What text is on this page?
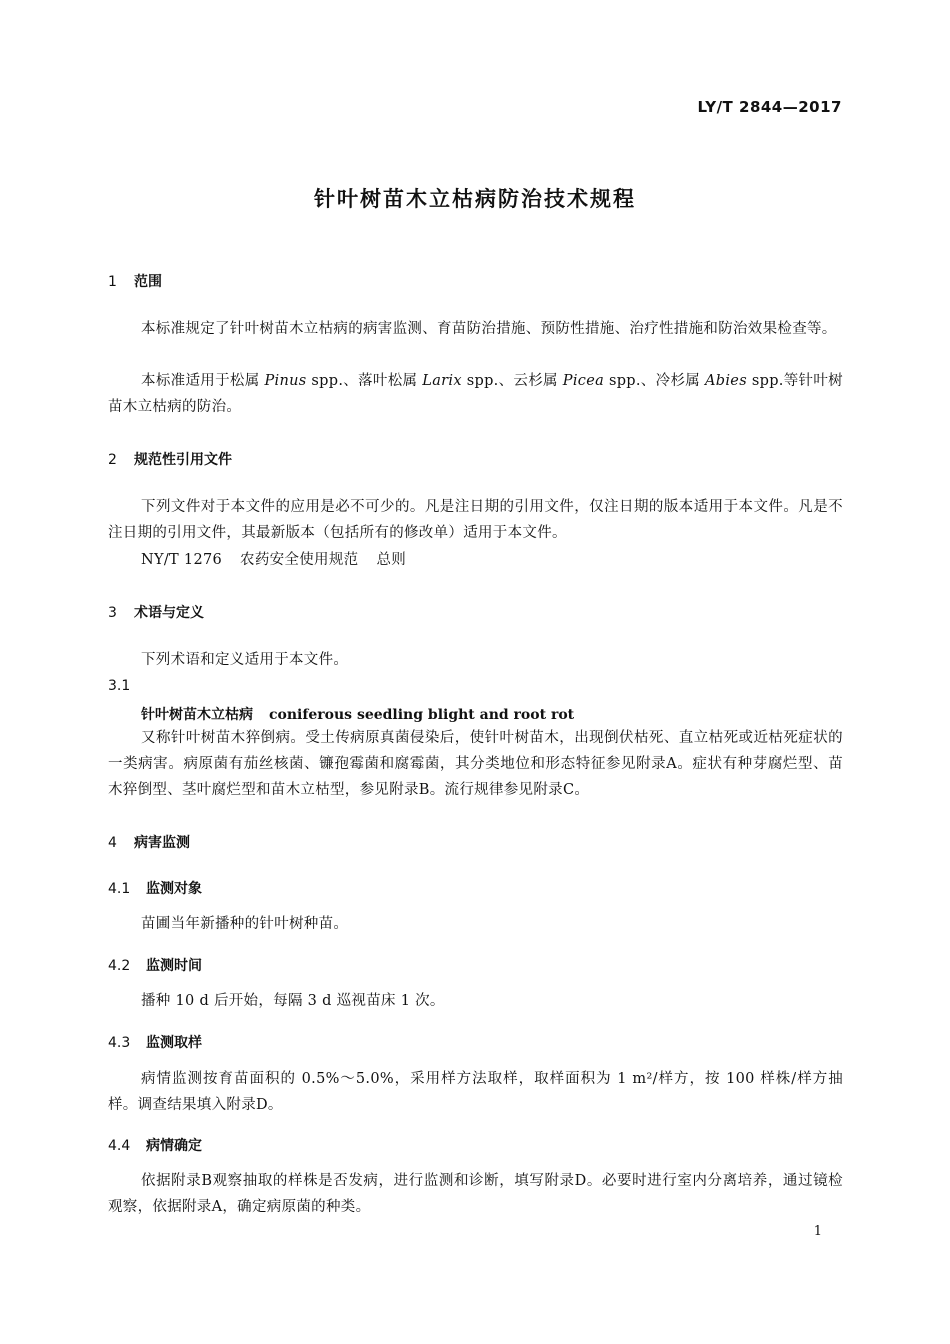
LY/T 2844—2017
针叶树苗木立枯病防治技术规程
1 范围

本标准规定了针叶树苗木立枯病的病害监测、育苗防治措施、预防性措施、治疗性措施和防治效果检查等。

本标准适用于松属 Pinus spp.、落叶松属 Larix spp.、云杉属 Picea spp.、冷杉属 Abies spp.等针叶树苗木立枯病的防治。

2 规范性引用文件

下列文件对于本文件的应用是必不可少的。凡是注日期的引用文件，仅注日期的版本适用于本文件。凡是不注日期的引用文件，其最新版本（包括所有的修改单）适用于本文件。

NY/T 1276 农药安全使用规范 总则
3 术语与定义

下列术语和定义适用于本文件。

3.1
针叶树苗木立枯病 coniferous seedling blight and root rot

又称针叶树苗木猝倒病。受土传病原真菌侵染后，使针叶树苗木，出现倒伏枯死、直立枯死或近枯死症状的一类病害。病原菌有茄丝核菌、镰孢霉菌和腐霉菌，其分类地位和形态特征参见附录A。症状有种芽腐烂型、苗木猝倒型、茎叶腐烂型和苗木立枯型，参见附录B。流行规律参见附录C。

4 病害监测
4.1 监测对象

苗圃当年新播种的针叶树种苗。

4.2 监测时间

播种 10 d 后开始，每隔 3 d 巡视苗床 1 次。

4.3 监测取样

病情监测按育苗面积的 0.5%～5.0%，采用样方法取样，取样面积为 1 m²/样方，按 100 样株/样方抽样。调查结果填入附录D。

4.4 病情确定

依据附录B观察抽取的样株是否发病，进行监测和诊断，填写附录D。必要时进行室内分离培养，通过镜检观察，依据附录A，确定病原菌的种类。

1
